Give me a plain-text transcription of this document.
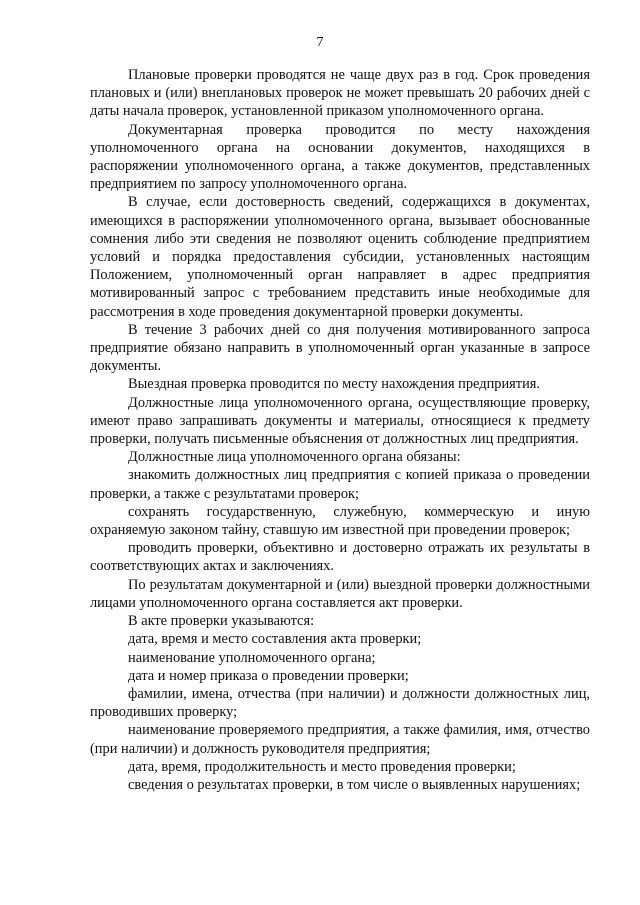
7

Плановые проверки проводятся не чаще двух раз в год. Срок проведения плановых и (или) внеплановых проверок не может превышать 20 рабочих дней с даты начала проверок, установленной приказом уполномоченного органа.

Документарная проверка проводится по месту нахождения уполномоченного органа на основании документов, находящихся в распоряжении уполномоченного органа, а также документов, представленных предприятием по запросу уполномоченного органа.

В случае, если достоверность сведений, содержащихся в документах, имеющихся в распоряжении уполномоченного органа, вызывает обоснованные сомнения либо эти сведения не позволяют оценить соблюдение предприятием условий и порядка предоставления субсидии, установленных настоящим Положением, уполномоченный орган направляет в адрес предприятия мотивированный запрос с требованием представить иные необходимые для рассмотрения в ходе проведения документарной проверки документы.

В течение 3 рабочих дней со дня получения мотивированного запроса предприятие обязано направить в уполномоченный орган указанные в запросе документы.

Выездная проверка проводится по месту нахождения предприятия.

Должностные лица уполномоченного органа, осуществляющие проверку, имеют право запрашивать документы и материалы, относящиеся к предмету проверки, получать письменные объяснения от должностных лиц предприятия.

Должностные лица уполномоченного органа обязаны:

знакомить должностных лиц предприятия с копией приказа о проведении проверки, а также с результатами проверок;

сохранять государственную, служебную, коммерческую и иную охраняемую законом тайну, ставшую им известной при проведении проверок;

проводить проверки, объективно и достоверно отражать их результаты в соответствующих актах и заключениях.

По результатам документарной и (или) выездной проверки должностными лицами уполномоченного органа составляется акт проверки.

В акте проверки указываются:

дата, время и место составления акта проверки;

наименование уполномоченного органа;

дата и номер приказа о проведении проверки;

фамилии, имена, отчества (при наличии) и должности должностных лиц, проводивших проверку;

наименование проверяемого предприятия, а также фамилия, имя, отчество (при наличии) и должность руководителя предприятия;

дата, время, продолжительность и место проведения проверки;

сведения о результатах проверки, в том числе о выявленных нарушениях;
